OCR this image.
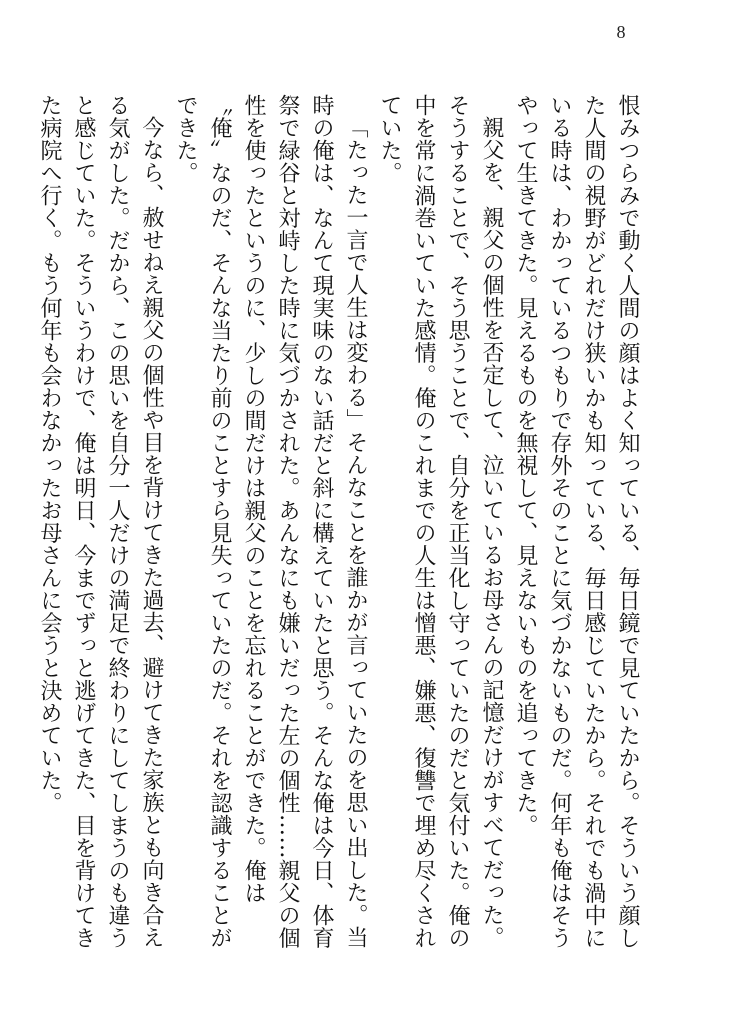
8

恨みつらみで動く人間の顔はよく知っている、毎日鏡で見ていたから。そういう顔した人間の視野がどれだけ狭いかも知っている、毎日感じていたから。それでも渦中にいる時は、わかっているつもりで存外そのことに気づかないものだ。何年も俺はそうやって生きてきた。見えるものを無視して、見えないものを追ってきた。

親父を、親父の個性を否定して、泣いているお母さんの記憶だけがすべてだった。そうすることで、そう思うことで、自分を正当化し守っていたのだと気付いた。俺の中を常に渦巻いていた感情。俺のこれまでの人生は憎悪、嫌悪、復讐で埋め尽くされていた。

「たった一言で人生は変わる」そんなことを誰かが言っていたのを思い出した。当時の俺は、なんて現実味のない話だと斜に構えていたと思う。そんな俺は今日、体育祭で緑谷と対峙した時に気づかされた。あんなにも嫌いだった左の個性……親父の個性を使ったというのに、少しの間だけは親父のことを忘れることができた。俺は〝俺〟なのだ、そんな当たり前のことすら見失っていたのだ。それを認識することができた。

今なら、赦せねえ親父の個性や目を背けてきた過去、避けてきた家族とも向き合える気がした。だから、この思いを自分一人だけの満足で終わりにしてしまうのも違うと感じていた。そういうわけで、俺は明日、今までずっと逃げてきた、目を背けてきた病院へ行く。もう何年も会わなかったお母さんに会うと決めていた。
